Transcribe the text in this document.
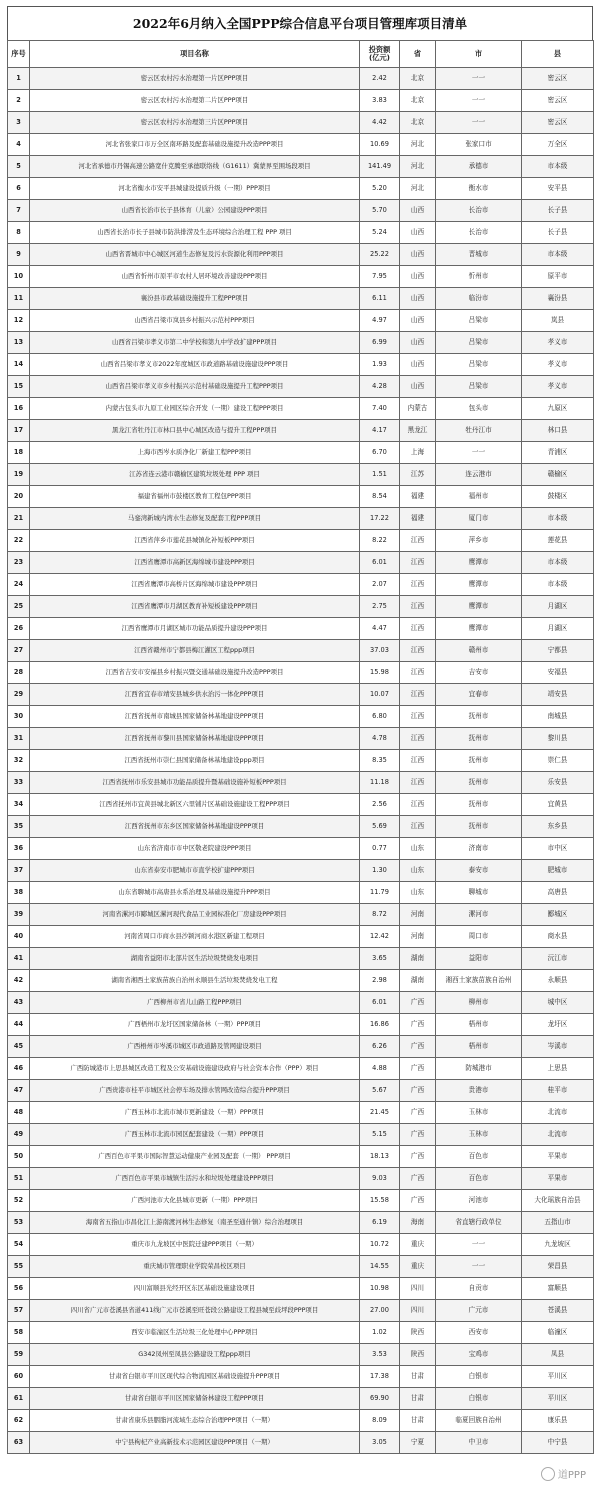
2022年6月纳入全国PPP综合信息平台项目管理库项目清单
序号	项目名称	投资额
(亿元)	省	市	县
1	密云区农村污水治理第一片区PPP项目	2.42	北京	一一	密云区
2	密云区农村污水治理第二片区PPP项目	3.83	北京	一一	密云区
3	密云区农村污水治理第三片区PPP项目	4.42	北京	一一	密云区
4	河北省张家口市万全区南环路及配套基础设施提升改造PPP项目	10.69	河北	张家口市	万全区
5	河北省承德市丹锡高速公路宽什克腾至承德联络线（G1611）冀蒙界至围场段项目	141.49	河北	承德市	市本级
6	河北省衡水市安平县城建设提质升级（一期）PPP项目	5.20	河北	衡水市	安平县
7	山西省长治市长子县体育（儿童）公园建设PPP项目	5.70	山西	长治市	长子县
8	山西省长治市长子县城市防洪排涝及生态环境综合治理工程 PPP 项目	5.24	山西	长治市	长子县
9	山西省晋城市中心城区河道生态修复及污水资源化利用PPP项目	25.22	山西	晋城市	市本级
10	山西省忻州市原平市农村人居环境改善建设PPP项目	7.95	山西	忻州市	原平市
11	襄汾县市政基础设施提升工程PPP项目	6.11	山西	临汾市	襄汾县
12	山西省吕梁市岚县乡村振兴示范村PPP项目	4.97	山西	吕梁市	岚县
13	山西省吕梁市孝义市第二中学校和第九中学改扩建PPP项目	6.99	山西	吕梁市	孝义市
14	山西省吕梁市孝义市2022年度城区市政道路基础设施建设PPP项目	1.93	山西	吕梁市	孝义市
15	山西省吕梁市孝义市乡村振兴示范村基础设施提升工程PPP项目	4.28	山西	吕梁市	孝义市
16	内蒙古包头市九原工业园区综合开发（一期）建设工程PPP项目	7.40	内蒙古	包头市	九原区
17	黑龙江省牡丹江市林口县中心城区改造与提升工程PPP项目	4.17	黑龙江	牡丹江市	林口县
18	上海市西岑水质净化厂新建工程PPP项目	6.70	上海	一一	青浦区
19	江苏省连云港市赣榆区建筑垃圾处理 PPP 项目	1.51	江苏	连云港市	赣榆区
20	福建省福州市鼓楼区教育工程包PPP项目	8.54	福建	福州市	鼓楼区
21	马銮湾新城内湾水生态修复及配套工程PPP项目	17.22	福建	厦门市	市本级
22	江西省萍乡市莲花县城镇化补短板PPP项目	8.22	江西	萍乡市	莲花县
23	江西省鹰潭市高新区海绵城市建设PPP项目	6.01	江西	鹰潭市	市本级
24	江西省鹰潭市高桥片区海绵城市建设PPP项目	2.07	江西	鹰潭市	市本级
25	江西省鹰潭市月湖区教育补短板建设PPP项目	2.75	江西	鹰潭市	月湖区
26	江西省鹰潭市月湖区城市功能品质提升建设PPP项目	4.47	江西	鹰潭市	月湖区
27	江西省赣州市宁都县梅江灌区工程ppp项目	37.03	江西	赣州市	宁都县
28	江西省吉安市安福县乡村振兴暨交通基础设施提升改造PPP项目	15.98	江西	吉安市	安福县
29	江西省宜春市靖安县城乡供水治污一体化PPP项目	10.07	江西	宜春市	靖安县
30	江西省抚州市南城县国家储备林基地建设PPP项目	6.80	江西	抚州市	南城县
31	江西省抚州市黎川县国家储备林基地建设PPP项目	4.78	江西	抚州市	黎川县
32	江西省抚州市崇仁县国家储备林基地建设ppp项目	8.35	江西	抚州市	崇仁县
33	江西省抚州市乐安县城市功能品质提升暨基础设施补短板PPP项目	11.18	江西	抚州市	乐安县
34	江西省抚州市宜黄县城北新区六里铺片区基础设施建设工程PPP项目	2.56	江西	抚州市	宜黄县
35	江西省抚州市东乡区国家储备林基地建设PPP项目	5.69	江西	抚州市	东乡县
36	山东省济南市市中区敬老院建设PPP项目	0.77	山东	济南市	市中区
37	山东省泰安市肥城市市直学校扩建PPP项目	1.30	山东	泰安市	肥城市
38	山东省聊城市高唐县水系治理及基础设施提升PPP项目	11.79	山东	聊城市	高唐县
39	河南省漯河市郾城区漯河现代食品工业园标准化厂房建设PPP项目	8.72	河南	漯河市	郾城区
40	河南省周口市商水县沙颍河商水港区新建工程项目	12.42	河南	周口市	商水县
41	湖南省益阳市北部片区生活垃圾焚烧发电项目	3.65	湖南	益阳市	沅江市
42	湖南省湘西土家族苗族自治州永顺县生活垃圾焚烧发电工程	2.98	湖南	湘西土家族苗族自治州	永顺县
43	广西柳州市省儿山路工程PPP项目	6.01	广西	柳州市	城中区
44	广西梧州市龙圩区国家储备林（一期）PPP项目	16.86	广西	梧州市	龙圩区
45	广西梧州市岑溪市城区市政道路及管网建设项目	6.26	广西	梧州市	岑溪市
46	广西防城港市上思县城区改造工程及公安基础设施建设政府与社会资本合作（PPP）项目	4.88	广西	防城港市	上思县
47	广西贵港市桂平市城区社会停车场及排水管网改造综合提升PPP项目	5.67	广西	贵港市	桂平市
48	广西玉林市北流市城市更新建设（一期）PPP项目	21.45	广西	玉林市	北流市
49	广西玉林市北流市园区配套建设（一期）PPP项目	5.15	广西	玉林市	北流市
50	广西百色市平果市国际智慧运动健康产业园及配套（一期） PPP项目	18.13	广西	百色市	平果市
51	广西百色市平果市城镇生活污水和垃圾处理建设PPP项目	9.03	广西	百色市	平果市
52	广西河池市大化县城市更新（一期）PPP项目	15.58	广西	河池市	大化瑶族自治县
53	海南省五指山市昌化江上游南渡河林生态修复（南圣至通什镇）综合治理项目	6.19	海南	省直辖行政单位	五指山市
54	重庆市九龙坡区中医院迁建PPP项目（一期）	10.72	重庆	一一	九龙坡区
55	重庆城市管理职业学院荣昌校区项目	14.55	重庆	一一	荣昌县
56	四川富顺县光经开区东区基础设施建设项目	10.98	四川	自贡市	富顺县
57	四川省广元市苍溪县省道411线广元市苍溪至旺苍段公路建设工程县城至歧坪段PPP项目	27.00	四川	广元市	苍溪县
58	西安市临潼区生活垃圾三化处理中心PPP项目	1.02	陕西	西安市	临潼区
59	G342凤州至凤县公路建设工程ppp项目	3.53	陕西	宝鸡市	凤县
60	甘肃省白银市平川区现代综合物流园区基础设施提升PPP项目	17.38	甘肃	白银市	平川区
61	甘肃省白银市平川区国家储备林建设工程PPP项目	69.90	甘肃	白银市	平川区
62	甘肃省康乐县胭脂河流域生态综合治理PPP项目（一期）	8.09	甘肃	临夏回族自治州	康乐县
63	中宁县枸杞产业高新技术示范园区建设PPP项目（一期）	3.05	宁夏	中卫市	中宁县
道PPP
